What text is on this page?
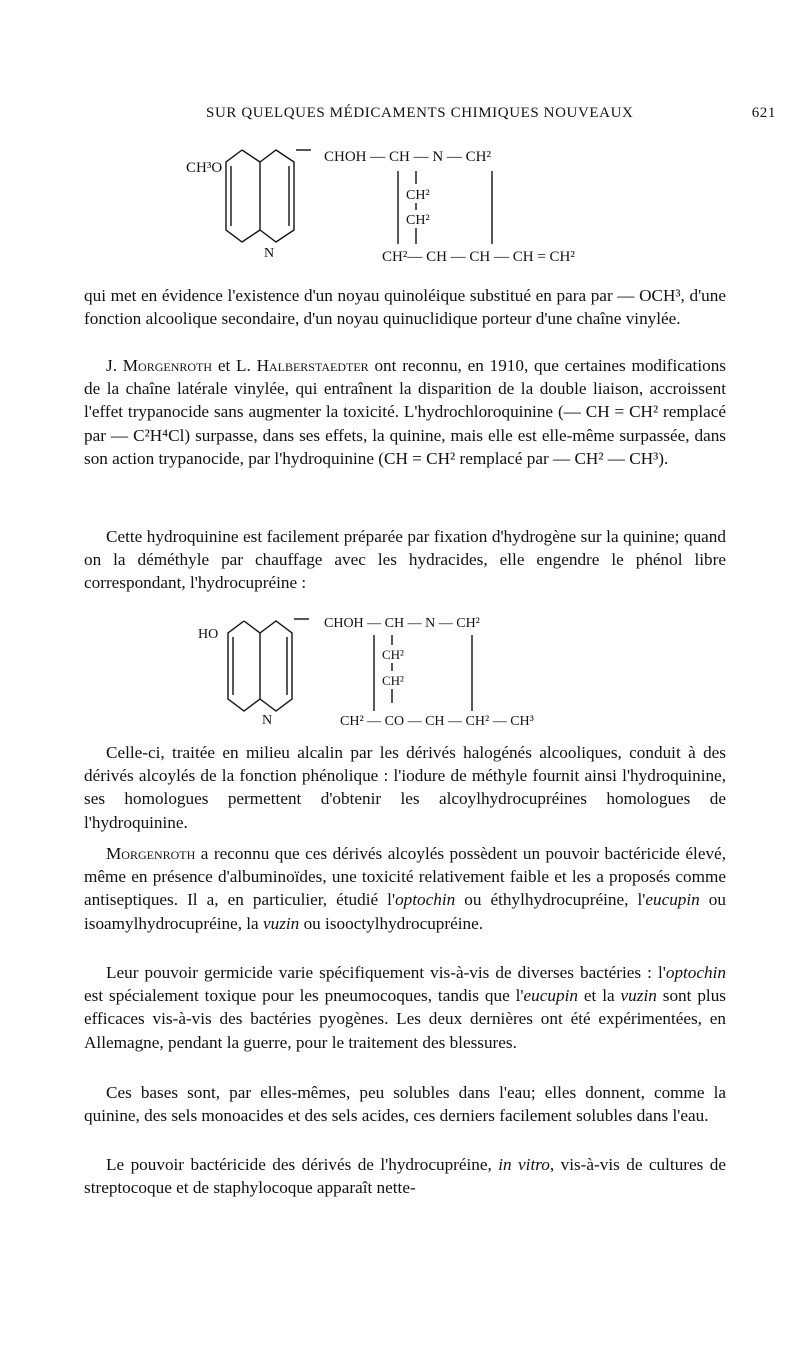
SUR QUELQUES MÉDICAMENTS CHIMIQUES NOUVEAUX	621
CH³O
N
CHOH — CH — N — CH²
CH²
CH²
CH²— CH — CH — CH = CH²

qui met en évidence l'existence d'un noyau quinoléique substitué en para par — OCH³, d'une fonction alcoolique secondaire, d'un noyau quinuclidique porteur d'une chaîne vinylée.

J. Morgenroth et L. Halberstaedter ont reconnu, en 1910, que certaines modifications de la chaîne latérale vinylée, qui entraînent la disparition de la double liaison, accroissent l'effet trypanocide sans augmenter la toxicité. L'hydrochloroquinine (— CH = CH² remplacé par — C²H⁴Cl) surpasse, dans ses effets, la quinine, mais elle est elle-même surpassée, dans son action trypanocide, par l'hydroquinine (CH = CH² remplacé par — CH² — CH³).

Cette hydroquinine est facilement préparée par fixation d'hydrogène sur la quinine; quand on la déméthyle par chauffage avec les hydracides, elle engendre le phénol libre correspondant, l'hydrocupréine :

HO
N
CHOH — CH — N — CH²
CH²
CH²
CH² — CO — CH — CH² — CH³

Celle-ci, traitée en milieu alcalin par les dérivés halogénés alcooliques, conduit à des dérivés alcoylés de la fonction phénolique : l'iodure de méthyle fournit ainsi l'hydroquinine, ses homologues permettent d'obtenir les alcoylhydrocupréines homologues de l'hydroquinine.

Morgenroth a reconnu que ces dérivés alcoylés possèdent un pouvoir bactéricide élevé, même en présence d'albuminoïdes, une toxicité relativement faible et les a proposés comme antiseptiques. Il a, en particulier, étudié l'optochin ou éthylhydrocupréine, l'eucupin ou isoamylhydrocupréine, la vuzin ou isooctylhydrocupréine.

Leur pouvoir germicide varie spécifiquement vis-à-vis de diverses bactéries : l'optochin est spécialement toxique pour les pneumocoques, tandis que l'eucupin et la vuzin sont plus efficaces vis-à-vis des bactéries pyogènes. Les deux dernières ont été expérimentées, en Allemagne, pendant la guerre, pour le traitement des blessures.

Ces bases sont, par elles-mêmes, peu solubles dans l'eau; elles donnent, comme la quinine, des sels monoacides et des sels acides, ces derniers facilement solubles dans l'eau.

Le pouvoir bactéricide des dérivés de l'hydrocupréine, in vitro, vis-à-vis de cultures de streptocoque et de staphylocoque apparaît nette-
